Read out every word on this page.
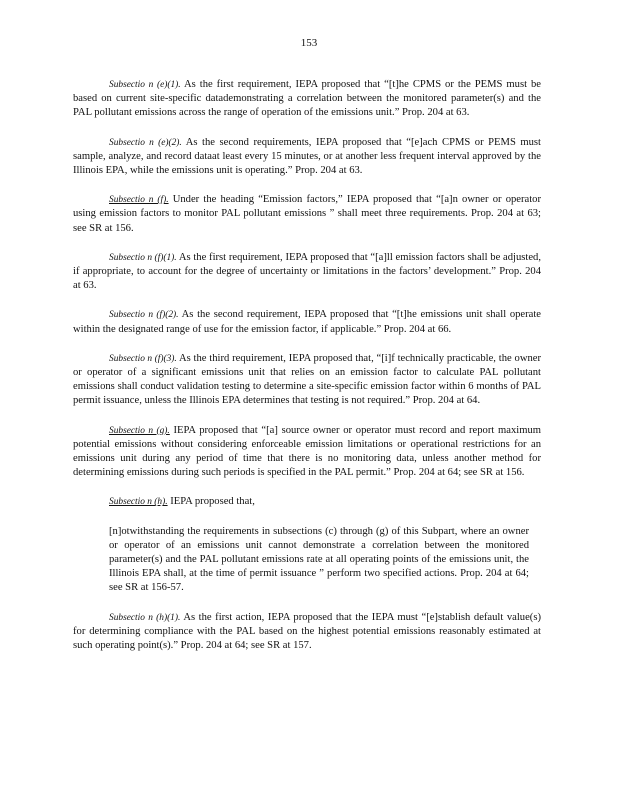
153

Subsectio n (e)(1). As the first requirement, IEPA proposed that “[t]he CPMS or the PEMS must be based on current site-specific datademonstrating a correlation between the monitored parameter(s) and the PAL pollutant emissions across the range of operation of the emissions unit.” Prop. 204 at 63.

Subsectio n (e)(2). As the second requirements, IEPA proposed that “[e]ach CPMS or PEMS must sample, analyze, and record dataat least every 15 minutes, or at another less frequent interval approved by the Illinois EPA, while the emissions unit is operating.” Prop. 204 at 63.

Subsectio n (f). Under the heading “Emission factors,” IEPA proposed that “[a]n owner or operator using emission factors to monitor PAL pollutant emissions ” shall meet three requirements. Prop. 204 at 63; see SR at 156.

Subsectio n (f)(1). As the first requirement, IEPA proposed that “[a]ll emission factors shall be adjusted, if appropriate, to account for the degree of uncertainty or limitations in the factors’ development.” Prop. 204 at 63.

Subsectio n (f)(2). As the second requirement, IEPA proposed that “[t]he emissions unit shall operate within the designated range of use for the emission factor, if applicable.” Prop. 204 at 66.

Subsectio n (f)(3). As the third requirement, IEPA proposed that, “[i]f technically practicable, the owner or operator of a significant emissions unit that relies on an emission factor to calculate PAL pollutant emissions shall conduct validation testing to determine a site-specific emission factor within 6 months of PAL permit issuance, unless the Illinois EPA determines that testing is not required.” Prop. 204 at 64.

Subsectio n (g). IEPA proposed that “[a] source owner or operator must record and report maximum potential emissions without considering enforceable emission limitations or operational restrictions for an emissions unit during any period of time that there is no monitoring data, unless another method for determining emissions during such periods is specified in the PAL permit.” Prop. 204 at 64; see SR at 156.

Subsectio n (h). IEPA proposed that,

[n]otwithstanding the requirements in subsections (c) through (g) of this Subpart, where an owner or operator of an emissions unit cannot demonstrate a correlation between the monitored parameter(s) and the PAL pollutant emissions rate at all operating points of the emissions unit, the Illinois EPA shall, at the time of permit issuance ” perform two specified actions. Prop. 204 at 64; see SR at 156-57.

Subsectio n (h)(1). As the first action, IEPA proposed that the IEPA must “[e]stablish default value(s) for determining compliance with the PAL based on the highest potential emissions reasonably estimated at such operating point(s).” Prop. 204 at 64; see SR at 157.
